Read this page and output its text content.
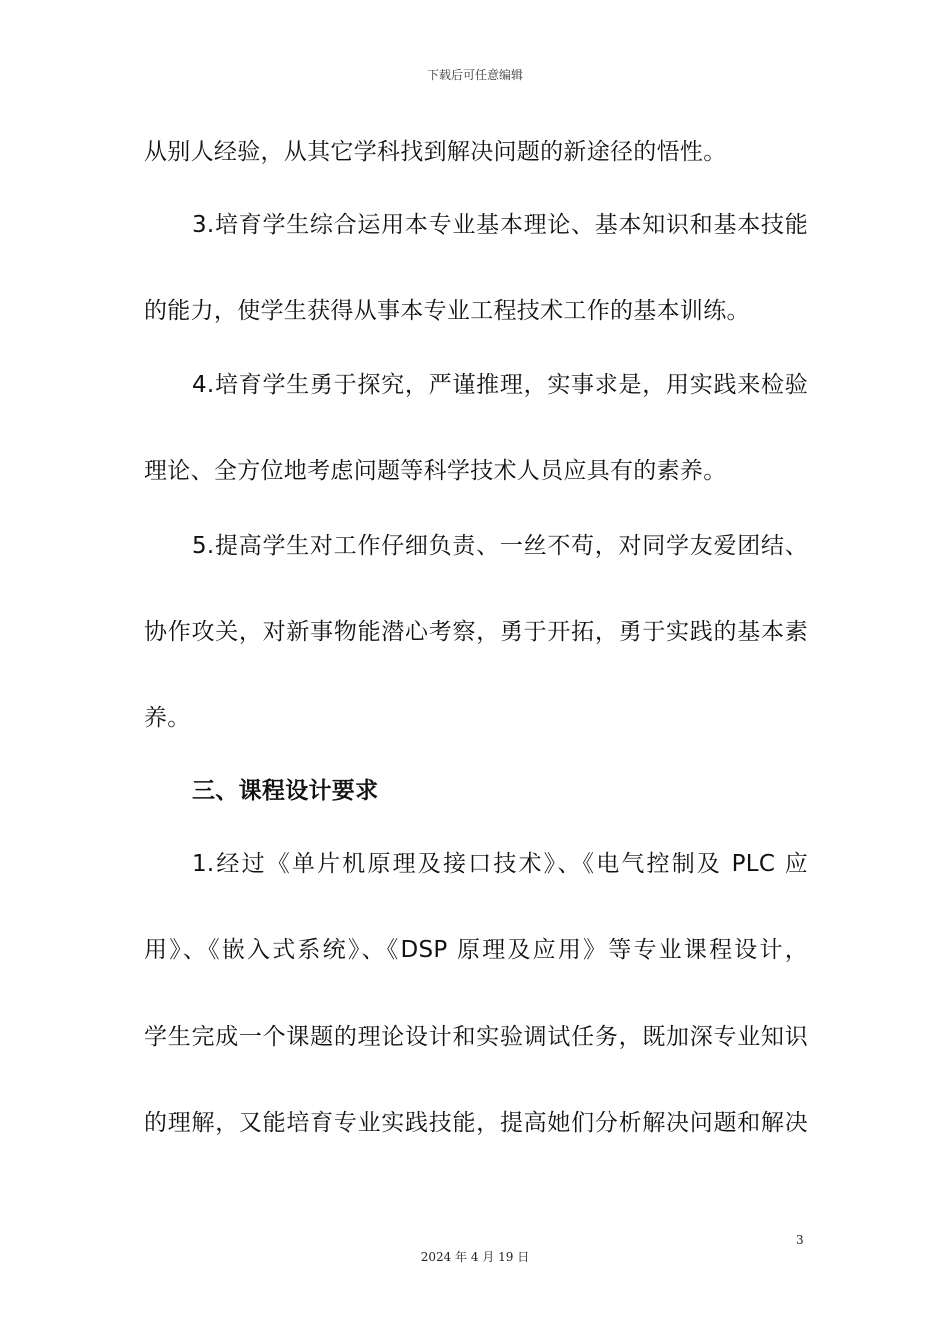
下载后可任意编辑
从别人经验，从其它学科找到解决问题的新途径的悟性。
3.培育学生综合运用本专业基本理论、基本知识和基本技能
的能力，使学生获得从事本专业工程技术工作的基本训练。
4.培育学生勇于探究，严谨推理，实事求是，用实践来检验
理论、全方位地考虑问题等科学技术人员应具有的素养。
5.提高学生对工作仔细负责、一丝不苟，对同学友爱团结、
协作攻关，对新事物能潜心考察，勇于开拓，勇于实践的基本素
养。
三、课程设计要求
1.经过《单片机原理及接口技术》、《电气控制及 PLC 应
用》、《嵌入式系统》、《DSP 原理及应用》等专业课程设计，
学生完成一个课题的理论设计和实验调试任务，既加深专业知识
的理解，又能培育专业实践技能，提高她们分析解决问题和解决
3
2024 年 4 月 19 日
